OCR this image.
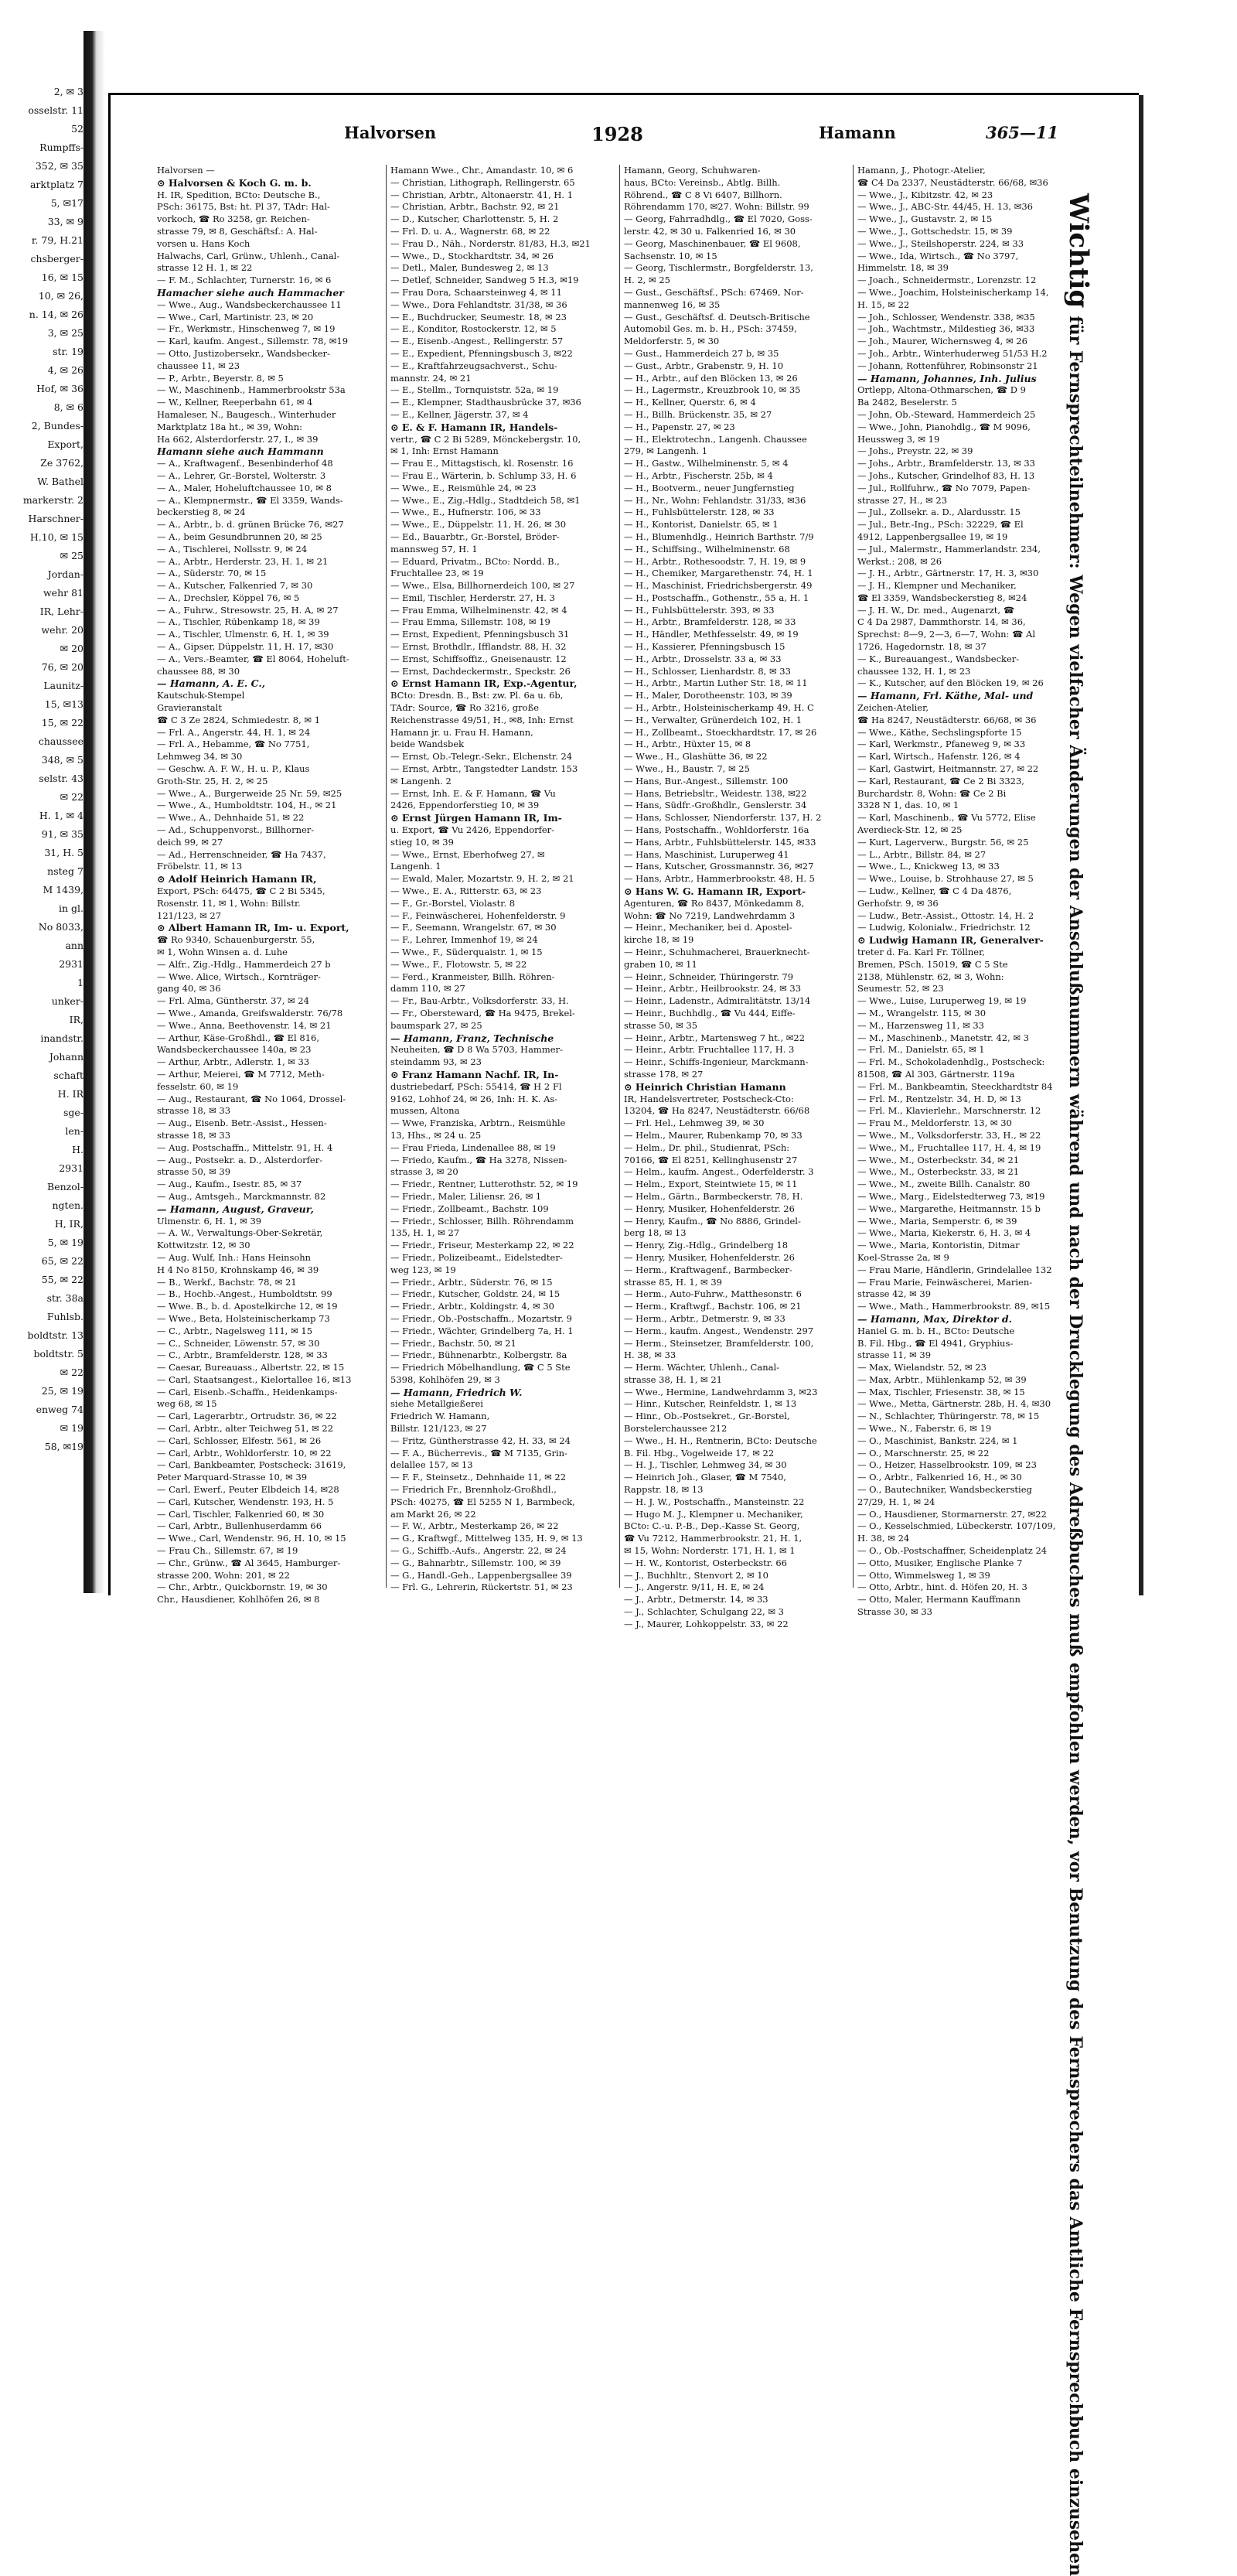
2, ✉ 3
osselstr. 11
52
Rumpffs-
352, ✉ 35
arktplatz 7
5, ✉17
33, ✉ 9
r. 79, H.21
chsberger-
16, ✉ 15
10, ✉ 26,
n. 14, ✉ 26
3, ✉ 25
str. 19
4, ✉ 26
Hof, ✉ 36
8, ✉ 6
2, Bundes-
Export,
Ze 3762,
W. Bathel
markerstr. 2
Harschner-
H.10, ✉ 15
✉ 25
Jordan-
wehr 81
IR, Lehr-
wehr. 20
✉ 20
76, ✉ 20
Launitz-
15, ✉13
15, ✉ 22
chaussee
348, ✉ 5
selstr. 43
✉ 22
H. 1, ✉ 4
91, ✉ 35
31, H. 5
nsteg 7
M 1439,
in gl.
No 8033,
ann
2931
1
unker-
IR,
inandstr.
Johann
schaft
H. IR
sge-
len-
H.
2931
Benzol-
ngten.
H, IR,
5, ✉ 19
65, ✉ 22
55, ✉ 22
str. 38a
Fuhlsb.
boldtstr. 13
boldtstr. 5
✉ 22
25, ✉ 19
enweg 74
✉ 19
58, ✉19
Halvorsen	1928	Hamann	365—11
Halvorsen —
⊙ Halvorsen & Koch G. m. b.
H. IR, Spedition, BCto: Deutsche B.,
PSch: 36175, Bst: ht. Pl 37, TAdr: Hal-
vorkoch, ☎ Ro 3258, gr. Reichen-
strasse 79, ✉ 8, Geschäftsf.: A. Hal-
vorsen u. Hans Koch
Halwachs, Carl, Grünw., Uhlenh., Canal-
strasse 12 H. 1, ✉ 22
— F. M., Schlachter, Turnerstr. 16, ✉ 6
Hamacher siehe auch Hammacher
— Wwe., Aug., Wandsbeckerchaussee 11
— Wwe., Carl, Martinistr. 23, ✉ 20
— Fr., Werkmstr., Hinschenweg 7, ✉ 19
— Karl, kaufm. Angest., Sillemstr. 78, ✉19
— Otto, Justizobersekr., Wandsbecker-
chaussee 11, ✉ 23
— P., Arbtr., Beyerstr. 8, ✉ 5
— W., Maschinenb., Hammerbrookstr 53a
— W., Kellner, Reeperbahn 61, ✉ 4
Hamaleser, N., Baugesch., Winterhuder
Marktplatz 18a ht., ✉ 39, Wohn:
Ha 662, Alsterdorferstr. 27, I., ✉ 39
Hamann siehe auch Hammann
— A., Kraftwagenf., Besenbinderhof 48
— A., Lehrer, Gr.-Borstel, Wolterstr. 3
— A., Maler, Hoheluftchaussee 10, ✉ 8
— A., Klempnermstr., ☎ El 3359, Wands-
beckerstieg 8, ✉ 24
— A., Arbtr., b. d. grünen Brücke 76, ✉27
— A., beim Gesundbrunnen 20, ✉ 25
— A., Tischlerei, Nollsstr. 9, ✉ 24
— A., Arbtr., Herderstr. 23, H. 1, ✉ 21
— A., Süderstr. 70, ✉ 15
— A., Kutscher, Falkenried 7, ✉ 30
— A., Drechsler, Köppel 76, ✉ 5
— A., Fuhrw., Stresowstr. 25, H. A, ✉ 27
— A., Tischler, Rübenkamp 18, ✉ 39
— A., Tischler, Ulmenstr. 6, H. 1, ✉ 39
— A., Gipser, Düppelstr. 11, H. 17, ✉30
— A., Vers.-Beamter, ☎ El 8064, Hoheluft-
chaussee 88, ✉ 30
— Hamann, A. E. C.,
Kautschuk-Stempel
Gravieranstalt
☎ C 3 Ze 2824, Schmiedestr. 8, ✉ 1
— Frl. A., Angerstr. 44, H. 1, ✉ 24
— Frl. A., Hebamme, ☎ No 7751,
Lehmweg 34, ✉ 30
— Geschw. A. F. W., H. u. P., Klaus
Groth-Str. 25, H. 2, ✉ 25
— Wwe., A., Burgerweide 25 Nr. 59, ✉25
— Wwe., A., Humboldtstr. 104, H., ✉ 21
— Wwe., A., Dehnhaide 51, ✉ 22
— Ad., Schuppenvorst., Billhorner-
deich 99, ✉ 27
— Ad., Herrenschneider, ☎ Ha 7437,
Fröbelstr. 11, ✉ 13
⊙ Adolf Heinrich Hamann IR,
Export, PSch: 64475, ☎ C 2 Bi 5345,
Rosenstr. 11, ✉ 1, Wohn: Billstr.
121/123, ✉ 27
⊙ Albert Hamann IR, Im- u. Export,
☎ Ro 9340, Schauenburgerstr. 55,
✉ 1, Wohn Winsen a. d. Luhe
— Alfr., Zig.-Hdlg., Hammerdeich 27 b
— Wwe. Alice, Wirtsch., Kornträger-
gang 40, ✉ 36
— Frl. Alma, Güntherstr. 37, ✉ 24
— Wwe., Amanda, Greifswalderstr. 76/78
— Wwe., Anna, Beethovenstr. 14, ✉ 21
— Arthur, Käse-Großhdl., ☎ El 816,
Wandsbeckerchaussee 140a, ✉ 23
— Arthur, Arbtr., Adlerstr. 1, ✉ 33
— Arthur, Meierei, ☎ M 7712, Meth-
fesselstr. 60, ✉ 19
— Aug., Restaurant, ☎ No 1064, Drossel-
strasse 18, ✉ 33
— Aug., Eisenb. Betr.-Assist., Hessen-
strasse 18, ✉ 33
— Aug. Postschaffn., Mittelstr. 91, H. 4
— Aug., Postsekr. a. D., Alsterdorfer-
strasse 50, ✉ 39
— Aug., Kaufm., Isestr. 85, ✉ 37
— Aug., Amtsgeh., Marckmannstr. 82
— Hamann, August, Graveur,
Ulmenstr. 6, H. 1, ✉ 39
— A. W., Verwaltungs-Ober-Sekretär,
Kottwitzstr. 12, ✉ 30
— Aug. Wulf, Inh.: Hans Heinsohn
H 4 No 8150, Krohnskamp 46, ✉ 39
— B., Werkf., Bachstr. 78, ✉ 21
— B., Hochb.-Angest., Humboldtstr. 99
— Wwe. B., b. d. Apostelkirche 12, ✉ 19
— Wwe., Beta, Holsteinischerkamp 73
— C., Arbtr., Nagelsweg 111, ✉ 15
— C., Schneider, Löwenstr. 57, ✉ 30
— C., Arbtr., Bramfelderstr. 128, ✉ 33
— Caesar, Bureauass., Albertstr. 22, ✉ 15
— Carl, Staatsangest., Kielortallee 16, ✉13
— Carl, Eisenb.-Schaffn., Heidenkamps-
weg 68, ✉ 15
— Carl, Lagerarbtr., Ortrudstr. 36, ✉ 22
— Carl, Arbtr., alter Teichweg 51, ✉ 22
— Carl, Schlosser, Elfestr. 561, ✉ 26
— Carl, Arbtr., Wohldorferstr. 10, ✉ 22
— Carl, Bankbeamter, Postscheck: 31619,
Peter Marquard-Strasse 10, ✉ 39
— Carl, Ewerf., Peuter Elbdeich 14, ✉28
— Carl, Kutscher, Wendenstr. 193, H. 5
— Carl, Tischler, Falkenried 60, ✉ 30
— Carl, Arbtr., Bullenhuserdamm 66
— Wwe., Carl, Wendenstr. 96, H. 10, ✉ 15
— Frau Ch., Sillemstr. 67, ✉ 19
— Chr., Grünw., ☎ Al 3645, Hamburger-
strasse 200, Wohn: 201, ✉ 22
— Chr., Arbtr., Quickbornstr. 19, ✉ 30
Chr., Hausdiener, Kohlhöfen 26, ✉ 8
Hamann Wwe., Chr., Amandastr. 10, ✉ 6
— Christian, Lithograph, Rellingerstr. 65
— Christian, Arbtr., Altonaerstr. 41, H. 1
— Christian, Arbtr., Bachstr. 92, ✉ 21
— D., Kutscher, Charlottenstr. 5, H. 2
— Frl. D. u. A., Wagnerstr. 68, ✉ 22
— Frau D., Näh., Norderstr. 81/83, H.3, ✉21
— Wwe., D., Stockhardtstr. 34, ✉ 26
— Detl., Maler, Bundesweg 2, ✉ 13
— Detlef, Schneider, Sandweg 5 H.3, ✉19
— Frau Dora, Schaarsteinweg 4, ✉ 11
— Wwe., Dora Fehlandtstr. 31/38, ✉ 36
— E., Buchdrucker, Seumestr. 18, ✉ 23
— E., Konditor, Rostockerstr. 12, ✉ 5
— E., Eisenb.-Angest., Rellingerstr. 57
— E., Expedient, Pfenningsbusch 3, ✉22
— E., Kraftfahrzeugsachverst., Schu-
mannstr. 24, ✉ 21
— E., Stellm., Tornquiststr. 52a, ✉ 19
— E., Klempner, Stadthausbrücke 37, ✉36
— E., Kellner, Jägerstr. 37, ✉ 4
⊙ E. & F. Hamann IR, Handels-
vertr., ☎ C 2 Bi 5289, Mönckebergstr. 10,
✉ 1, Inh: Ernst Hamann
— Frau E., Mittagstisch, kl. Rosenstr. 16
— Frau E., Wärterin, b. Schlump 33, H. 6
— Wwe., E., Reismühle 24, ✉ 23
— Wwe., E., Zig.-Hdlg., Stadtdeich 58, ✉1
— Wwe., E., Hufnerstr. 106, ✉ 33
— Wwe., E., Düppelstr. 11, H. 26, ✉ 30
— Ed., Bauarbtr., Gr.-Borstel, Bröder-
mannsweg 57, H. 1
— Eduard, Privatm., BCto: Nordd. B.,
Fruchtallee 23, ✉ 19
— Wwe., Elsa, Billhornerdeich 100, ✉ 27
— Emil, Tischler, Herderstr. 27, H. 3
— Frau Emma, Wilhelminenstr. 42, ✉ 4
— Frau Emma, Sillemstr. 108, ✉ 19
— Ernst, Expedient, Pfenningsbusch 31
— Ernst, Brothdlr., Ifflandstr. 88, H. 32
— Ernst, Schiffsoffiz., Gneisenaustr. 12
— Ernst, Dachdeckermstr., Speckstr. 26
⊙ Ernst Hamann IR, Exp.-Agentur,
BCto: Dresdn. B., Bst: zw. Pl. 6a u. 6b,
TAdr: Source, ☎ Ro 3216, große
Reichenstrasse 49/51, H., ✉8, Inh: Ernst
Hamann jr. u. Frau H. Hamann,
beide Wandsbek
— Ernst, Ob.-Telegr.-Sekr., Elchenstr. 24
— Ernst, Arbtr., Tangstedter Landstr. 153
✉ Langenh. 2
— Ernst, Inh. E. & F. Hamann, ☎ Vu
2426, Eppendorferstieg 10, ✉ 39
⊙ Ernst Jürgen Hamann IR, Im-
u. Export, ☎ Vu 2426, Eppendorfer-
stieg 10, ✉ 39
— Wwe., Ernst, Eberhofweg 27, ✉
Langenh. 1
— Ewald, Maler, Mozartstr. 9, H. 2, ✉ 21
— Wwe., E. A., Ritterstr. 63, ✉ 23
— F., Gr.-Borstel, Violastr. 8
— F., Feinwäscherei, Hohenfelderstr. 9
— F., Seemann, Wrangelstr. 67, ✉ 30
— F., Lehrer, Immenhof 19, ✉ 24
— Wwe., F., Süderquaistr. 1, ✉ 15
— Wwe., F., Flotowstr. 5, ✉ 22
— Ferd., Kranmeister, Billh. Röhren-
damm 110, ✉ 27
— Fr., Bau-Arbtr., Volksdorferstr. 33, H.
— Fr., Obersteward, ☎ Ha 9475, Brekel-
baumspark 27, ✉ 25
— Hamann, Franz, Technische
Neuheiten, ☎ D 8 Wa 5703, Hammer-
steindamm 93, ✉ 23
⊙ Franz Hamann Nachf. IR, In-
dustriebedarf, PSch: 55414, ☎ H 2 Fl
9162, Lohhof 24, ✉ 26, Inh: H. K. As-
mussen, Altona
— Wwe, Franziska, Arbtrn., Reismühle
13, Hhs., ✉ 24 u. 25
— Frau Frieda, Lindenallee 88, ✉ 19
— Friedo, Kaufm., ☎ Ha 3278, Nissen-
strasse 3, ✉ 20
— Friedr., Rentner, Lutterothstr. 52, ✉ 19
— Friedr., Maler, Liliensr. 26, ✉ 1
— Friedr., Zollbeamt., Bachstr. 109
— Friedr., Schlosser, Billh. Röhrendamm
135, H. 1, ✉ 27
— Friedr., Friseur, Mesterkamp 22, ✉ 22
— Friedr., Polizeibeamt., Eidelstedter-
weg 123, ✉ 19
— Friedr., Arbtr., Süderstr. 76, ✉ 15
— Friedr., Kutscher, Goldstr. 24, ✉ 15
— Friedr., Arbtr., Koldingstr. 4, ✉ 30
— Friedr., Ob.-Postschaffn., Mozartstr. 9
— Friedr., Wächter, Grindelberg 7a, H. 1
— Friedr., Bachstr. 50, ✉ 21
— Friedr., Bühnenarbtr., Kolbergstr. 8a
— Friedrich Möbelhandlung, ☎ C 5 Ste
5398, Kohlhöfen 29, ✉ 3
— Hamann, Friedrich W.
siehe Metallgießerei
Friedrich W. Hamann,
Billstr. 121/123, ✉ 27
— Fritz, Güntherstrasse 42, H. 33, ✉ 24
— F. A., Bücherrevis., ☎ M 7135, Grin-
delallee 157, ✉ 13
— F. F., Steinsetz., Dehnhaide 11, ✉ 22
— Friedrich Fr., Brennholz-Großhdl.,
PSch: 40275, ☎ El 5255 N 1, Barmbeck,
am Markt 26, ✉ 22
— F. W., Arbtr., Mesterkamp 26, ✉ 22
— G., Kraftwgf., Mittelweg 135, H. 9, ✉ 13
— G., Schiffb.-Aufs., Angerstr. 22, ✉ 24
— G., Bahnarbtr., Sillemstr. 100, ✉ 39
— G., Handl.-Geh., Lappenbergsallee 39
— Frl. G., Lehrerin, Rückertstr. 51, ✉ 23
Hamann, Georg, Schuhwaren-
haus, BCto: Vereinsb., Abtlg. Billh.
Röhrend., ☎ C 8 Vi 6407, Billhorn.
Röhrendamm 170, ✉27. Wohn: Billstr. 99
— Georg, Fahrradhdlg., ☎ El 7020, Goss-
lerstr. 42, ✉ 30 u. Falkenried 16, ✉ 30
— Georg, Maschinenbauer, ☎ El 9608,
Sachsenstr. 10, ✉ 15
— Georg, Tischlermstr., Borgfelderstr. 13,
H. 2, ✉ 25
— Gust., Geschäftsf., PSch: 67469, Nor-
mannenweg 16, ✉ 35
— Gust., Geschäftsf. d. Deutsch-Britische
Automobil Ges. m. b. H., PSch: 37459,
Meldorferstr. 5, ✉ 30
— Gust., Hammerdeich 27 b, ✉ 35
— Gust., Arbtr., Grabenstr. 9, H. 10
— H., Arbtr., auf den Blöcken 13, ✉ 26
— H., Lagermstr., Kreuzbrook 10, ✉ 35
— H., Kellner, Querstr. 6, ✉ 4
— H., Billh. Brückenstr. 35, ✉ 27
— H., Papenstr. 27, ✉ 23
— H., Elektrotechn., Langenh. Chaussee
279, ✉ Langenh. 1
— H., Gastw., Wilhelminenstr. 5, ✉ 4
— H., Arbtr., Fischerstr. 25b, ✉ 4
— H., Bootverm., neuer Jungfernstieg
— H., Nr., Wohn: Fehlandstr. 31/33, ✉36
— H., Fuhlsbüttelerstr. 128, ✉ 33
— H., Kontorist, Danielstr. 65, ✉ 1
— H., Blumenhdlg., Heinrich Barthstr. 7/9
— H., Schiffsing., Wilhelminenstr. 68
— H., Arbtr., Rothesoodstr. 7, H. 19, ✉ 9
— H., Chemiker, Margarethenstr. 74, H. 1
— H., Maschinist, Friedrichsbergerstr. 49
— H., Postschaffn., Gothenstr., 55 a, H. 1
— H., Fuhlsbüttelerstr. 393, ✉ 33
— H., Arbtr., Bramfelderstr. 128, ✉ 33
— H., Händler, Methfesselstr. 49, ✉ 19
— H., Kassierer, Pfenningsbusch 15
— H., Arbtr., Drosselstr. 33 a, ✉ 33
— H., Schlosser, Lienhardstr. 8, ✉ 33
— H., Arbtr., Martin Luther Str. 18, ✉ 11
— H., Maler, Dorotheenstr. 103, ✉ 39
— H., Arbtr., Holsteinischerkamp 49, H. C
— H., Verwalter, Grünerdeich 102, H. 1
— H., Zollbeamt., Stoeckhardtstr. 17, ✉ 26
— H., Arbtr., Hüxter 15, ✉ 8
— Wwe., H., Glashütte 36, ✉ 22
— Wwe., H., Baustr. 7, ✉ 25
— Hans, Bur.-Angest., Sillemstr. 100
— Hans, Betriebsltr., Weidestr. 138, ✉22
— Hans, Südfr.-Großhdlr., Genslerstr. 34
— Hans, Schlosser, Niendorferstr. 137, H. 2
— Hans, Postschaffn., Wohldorferstr. 16a
— Hans, Arbtr., Fuhlsbüttelerstr. 145, ✉33
— Hans, Maschinist, Luruperweg 41
— Hans, Kutscher, Grossmannstr. 36, ✉27
— Hans, Arbtr., Hammerbrookstr. 48, H. 5
⊙ Hans W. G. Hamann IR, Export-
Agenturen, ☎ Ro 8437, Mönkedamm 8,
Wohn: ☎ No 7219, Landwehrdamm 3
— Heinr., Mechaniker, bei d. Apostel-
kirche 18, ✉ 19
— Heinr., Schuhmacherei, Brauerknecht-
graben 10, ✉ 11
— Heinr., Schneider, Thüringerstr. 79
— Heinr., Arbtr., Heilbrookstr. 24, ✉ 33
— Heinr., Ladenstr., Admiralitätstr. 13/14
— Heinr., Buchhdlg., ☎ Vu 444, Eiffe-
strasse 50, ✉ 35
— Heinr., Arbtr., Martensweg 7 ht., ✉22
— Heinr., Arbtr. Fruchtallee 117, H. 3
— Heinr., Schiffs-Ingenieur, Marckmann-
strasse 178, ✉ 27
⊙ Heinrich Christian Hamann
IR, Handelsvertreter, Postscheck-Cto:
13204, ☎ Ha 8247, Neustädterstr. 66/68
— Frl. Hel., Lehmweg 39, ✉ 30
— Helm., Maurer, Rubenkamp 70, ✉ 33
— Helm., Dr. phil., Studienrat, PSch:
70166, ☎ El 8251, Kellinghusenstr 27
— Helm., kaufm. Angest., Oderfelderstr. 3
— Helm., Export, Steintwiete 15, ✉ 11
— Helm., Gärtn., Barmbeckerstr. 78, H.
— Henry, Musiker, Hohenfelderstr. 26
— Henry, Kaufm., ☎ No 8886, Grindel-
berg 18, ✉ 13
— Henry, Zig.-Hdlg., Grindelberg 18
— Henry, Musiker, Hohenfelderstr. 26
— Herm., Kraftwagenf., Barmbecker-
strasse 85, H. 1, ✉ 39
— Herm., Auto-Fuhrw., Matthesonstr. 6
— Herm., Kraftwgf., Bachstr. 106, ✉ 21
— Herm., Arbtr., Detmerstr. 9, ✉ 33
— Herm., kaufm. Angest., Wendenstr. 297
— Herm., Steinsetzer, Bramfelderstr. 100,
H. 38, ✉ 33
— Herm. Wächter, Uhlenh., Canal-
strasse 38, H. 1, ✉ 21
— Wwe., Hermine, Landwehrdamm 3, ✉23
— Hinr., Kutscher, Reinfeldstr. 1, ✉ 13
— Hinr., Ob.-Postsekret., Gr.-Borstel,
Borstelerchaussee 212
— Wwe., H. H., Rentnerin, BCto: Deutsche
B. Fil. Hbg., Vogelweide 17, ✉ 22
— H. J., Tischler, Lehmweg 34, ✉ 30
— Heinrich Joh., Glaser, ☎ M 7540,
Rappstr. 18, ✉ 13
— H. J. W., Postschaffn., Mansteinstr. 22
— Hugo M. J., Klempner u. Mechaniker,
BCto: C.-u. P.-B., Dep.-Kasse St. Georg,
☎ Vu 7212, Hammerbrookstr. 21, H. 1,
✉ 15, Wohn: Norderstr. 171, H. 1, ✉ 1
— H. W., Kontorist, Osterbeckstr. 66
— J., Buchhltr., Stenvort 2, ✉ 10
— J., Angerstr. 9/11, H. E, ✉ 24
— J., Arbtr., Detmerstr. 14, ✉ 33
— J., Schlachter, Schulgang 22, ✉ 3
— J., Maurer, Lohkoppelstr. 33, ✉ 22
Hamann, J., Photogr.-Atelier,
☎ C4 Da 2337, Neustädterstr. 66/68, ✉36
— Wwe., J., Kibitzstr. 42, ✉ 23
— Wwe., J., ABC-Str. 44/45, H. 13, ✉36
— Wwe., J., Gustavstr. 2, ✉ 15
— Wwe., J., Gottschedstr. 15, ✉ 39
— Wwe., J., Steilshoperstr. 224, ✉ 33
— Wwe., Ida, Wirtsch., ☎ No 3797,
Himmelstr. 18, ✉ 39
— Joach., Schneidermstr., Lorenzstr. 12
— Wwe., Joachim, Holsteinischerkamp 14,
H. 15, ✉ 22
— Joh., Schlosser, Wendenstr. 338, ✉35
— Joh., Wachtmstr., Mildestieg 36, ✉33
— Joh., Maurer, Wichernsweg 4, ✉ 26
— Joh., Arbtr., Winterhuderweg 51/53 H.2
— Johann, Rottenführer, Robinsonstr 21
— Hamann, Johannes, Inh. Julius
Ortlepp, Altona-Othmarschen, ☎ D 9
Ba 2482, Beselerstr. 5
— John, Ob.-Steward, Hammerdeich 25
— Wwe., John, Pianohdlg., ☎ M 9096,
Heussweg 3, ✉ 19
— Johs., Preystr. 22, ✉ 39
— Johs., Arbtr., Bramfelderstr. 13, ✉ 33
— Johs., Kutscher, Grindelhof 83, H. 13
— Jul., Rollfuhrw., ☎ No 7079, Papen-
strasse 27, H., ✉ 23
— Jul., Zollsekr. a. D., Alardusstr. 15
— Jul., Betr.-Ing., PSch: 32229, ☎ El
4912, Lappenbergsallee 19, ✉ 19
— Jul., Malermstr., Hammerlandstr. 234,
Werkst.: 208, ✉ 26
— J. H., Arbtr., Gärtnerstr. 17, H. 3, ✉30
— J. H., Klempner und Mechaniker,
☎ El 3359, Wandsbeckerstieg 8, ✉24
— J. H. W., Dr. med., Augenarzt, ☎
C 4 Da 2987, Dammthorstr. 14, ✉ 36,
Sprechst: 8—9, 2—3, 6—7, Wohn: ☎ Al
1726, Hagedornstr. 18, ✉ 37
— K., Bureauangest., Wandsbecker-
chaussee 132, H. 1, ✉ 23
— K., Kutscher, auf den Blöcken 19, ✉ 26
— Hamann, Frl. Käthe, Mal- und
Zeichen-Atelier,
☎ Ha 8247, Neustädterstr. 66/68, ✉ 36
— Wwe., Käthe, Sechslingspforte 15
— Karl, Werkmstr., Pfaneweg 9, ✉ 33
— Karl, Wirtsch., Hafenstr. 126, ✉ 4
— Karl, Gastwirt, Heitmannstr. 27, ✉ 22
— Karl, Restaurant, ☎ Ce 2 Bi 3323,
Burchardstr. 8, Wohn: ☎ Ce 2 Bi
3328 N 1, das. 10, ✉ 1
— Karl, Maschinenb., ☎ Vu 5772, Elise
Averdieck-Str. 12, ✉ 25
— Kurt, Lagerverw., Burgstr. 56, ✉ 25
— L., Arbtr., Billstr. 84, ✉ 27
— Wwe., L., Knickweg 13, ✉ 33
— Wwe., Louise, b. Strohhause 27, ✉ 5
— Ludw., Kellner, ☎ C 4 Da 4876,
Gerhofstr. 9, ✉ 36
— Ludw., Betr.-Assist., Ottostr. 14, H. 2
— Ludwig, Kolonialw., Friedrichstr. 12
⊙ Ludwig Hamann IR, Generalver-
treter d. Fa. Karl Fr. Töllner,
Bremen, PSch. 15019, ☎ C 5 Ste
2138, Mühlenstr. 62, ✉ 3, Wohn:
Seumestr. 52, ✉ 23
— Wwe., Luise, Luruperweg 19, ✉ 19
— M., Wrangelstr. 115, ✉ 30
— M., Harzensweg 11, ✉ 33
— M., Maschinenb., Manetstr. 42, ✉ 3
— Frl. M., Danielstr. 65, ✉ 1
— Frl. M., Schokoladenhdlg., Postscheck:
81508, ☎ Al 303, Gärtnerstr. 119a
— Frl. M., Bankbeamtin, Steeckhardtstr 84
— Frl. M., Rentzelstr. 34, H. D, ✉ 13
— Frl. M., Klavierlehr., Marschnerstr. 12
— Frau M., Meldorferstr. 13, ✉ 30
— Wwe., M., Volksdorferstr. 33, H., ✉ 22
— Wwe., M., Fruchtallee 117, H. 4, ✉ 19
— Wwe., M., Osterbeckstr. 34, ✉ 21
— Wwe., M., Osterbeckstr. 33, ✉ 21
— Wwe., M., zweite Billh. Canalstr. 80
— Wwe., Marg., Eidelstedterweg 73, ✉19
— Wwe., Margarethe, Heitmannstr. 15 b
— Wwe., Maria, Semperstr. 6, ✉ 39
— Wwe., Maria, Kiekerstr. 6, H. 3, ✉ 4
— Wwe., Maria, Kontoristin, Ditmar
Koel-Strasse 2a, ✉ 9
— Frau Marie, Händlerin, Grindelallee 132
— Frau Marie, Feinwäscherei, Marien-
strasse 42, ✉ 39
— Wwe., Math., Hammerbrookstr. 89, ✉15
— Hamann, Max, Direktor d.
Haniel G. m. b. H., BCto: Deutsche
B. Fil. Hbg., ☎ El 4941, Gryphius-
strasse 11, ✉ 39
— Max, Wielandstr. 52, ✉ 23
— Max, Arbtr., Mühlenkamp 52, ✉ 39
— Max, Tischler, Friesenstr. 38, ✉ 15
— Wwe., Metta, Gärtnerstr. 28b, H. 4, ✉30
— N., Schlachter, Thüringerstr. 78, ✉ 15
— Wwe., N., Faberstr. 6, ✉ 19
— O., Maschinist, Bankstr. 224, ✉ 1
— O., Marschnerstr. 25, ✉ 22
— O., Heizer, Hasselbrookstr. 109, ✉ 23
— O., Arbtr., Falkenried 16, H., ✉ 30
— O., Bautechniker, Wandsbeckerstieg
27/29, H. 1, ✉ 24
— O., Hausdiener, Stormarnerstr. 27, ✉22
— O., Kesselschmied, Lübeckerstr. 107/109,
H. 38, ✉ 24
— O., Ob.-Postschaffner, Scheidenplatz 24
— Otto, Musiker, Englische Planke 7
— Otto, Wimmelsweg 1, ✉ 39
— Otto, Arbtr., hint. d. Höfen 20, H. 3
— Otto, Maler, Hermann Kauffmann
Strasse 30, ✉ 33
Wichtigfür Fernsprechteilnehmer: Wegen vielfacher Änderungen der Anschlußnummern während und nach der Drucklegung des Adreßbuches muß empfohlen werden, vor Benutzung des Fernsprechers das Amtliche Fernsprechbuch einzusehen
